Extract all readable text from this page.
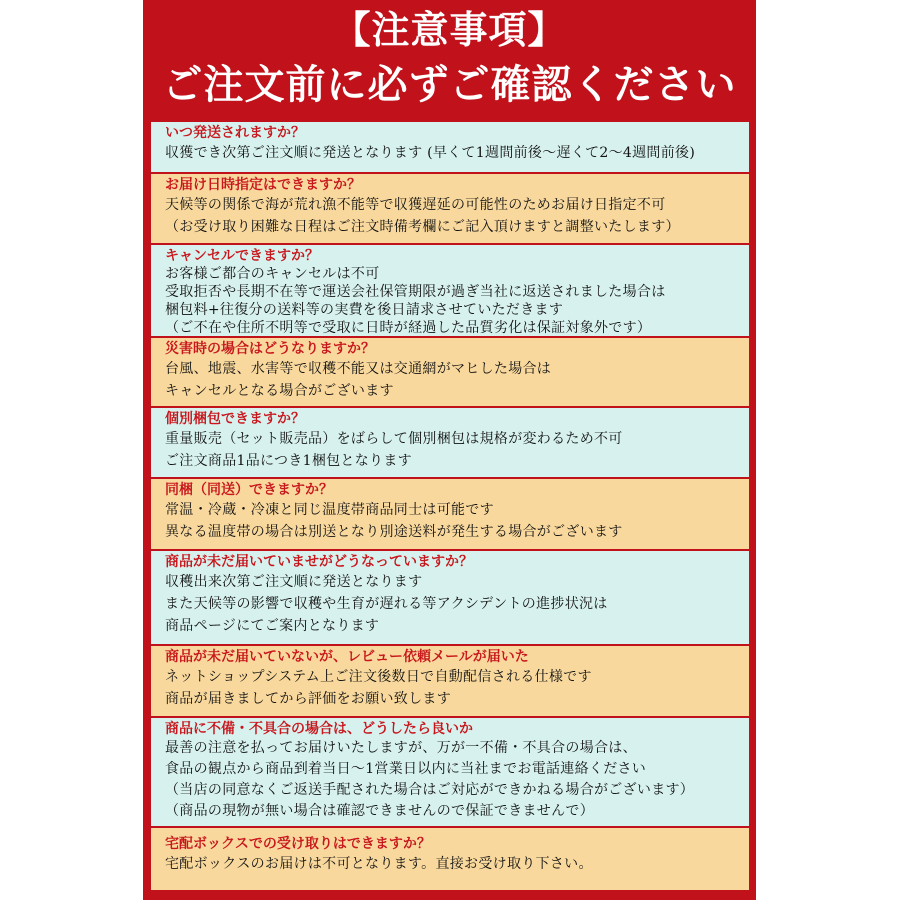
【注意事項】
ご注文前に必ずご確認ください
いつ発送されますか？
収獲でき次第ご注文順に発送となります (早くて1週間前後～遅くて2～4週間前後)
お届け日時指定はできますか？
天候等の関係で海が荒れ漁不能等で収獲遅延の可能性のためお届け日指定不可
（お受け取り困難な日程はご注文時備考欄にご記入頂けますと調整いたします）
キャンセルできますか？
お客様ご都合のキャンセルは不可
受取拒否や長期不在等で運送会社保管期限が過ぎ当社に返送されました場合は
梱包料+往復分の送料等の実費を後日請求させていただきます
（ご不在や住所不明等で受取に日時が経過した品質劣化は保証対象外です）
災害時の場合はどうなりますか？
台風、地震、水害等で収穫不能又は交通網がマヒした場合は
キャンセルとなる場合がございます
個別梱包できますか？
重量販売（セット販売品）をばらして個別梱包は規格が変わるため不可
ご注文商品1品につき1梱包となります
同梱（同送）できますか？
常温・冷蔵・冷凍と同じ温度帯商品同士は可能です
異なる温度帯の場合は別送となり別途送料が発生する場合がございます
商品が未だ届いていませがどうなっていますか？
収穫出来次第ご注文順に発送となります
また天候等の影響で収穫や生育が遅れる等アクシデントの進捗状況は
商品ページにてご案内となります
商品が未だ届いていないが、レビュー依頼メールが届いた
ネットショップシステム上ご注文後数日で自動配信される仕様です
商品が届きましてから評価をお願い致します
商品に不備・不具合の場合は、どうしたら良いか
最善の注意を払ってお届けいたしますが、万が一不備・不具合の場合は、
食品の観点から商品到着当日～1営業日以内に当社までお電話連絡ください
（当店の同意なくご返送手配された場合はご対応ができかねる場合がございます）
（商品の現物が無い場合は確認できませんので保証できませんで）
宅配ボックスでの受け取りはできますか？
宅配ボックスのお届けは不可となります。直接お受け取り下さい。
